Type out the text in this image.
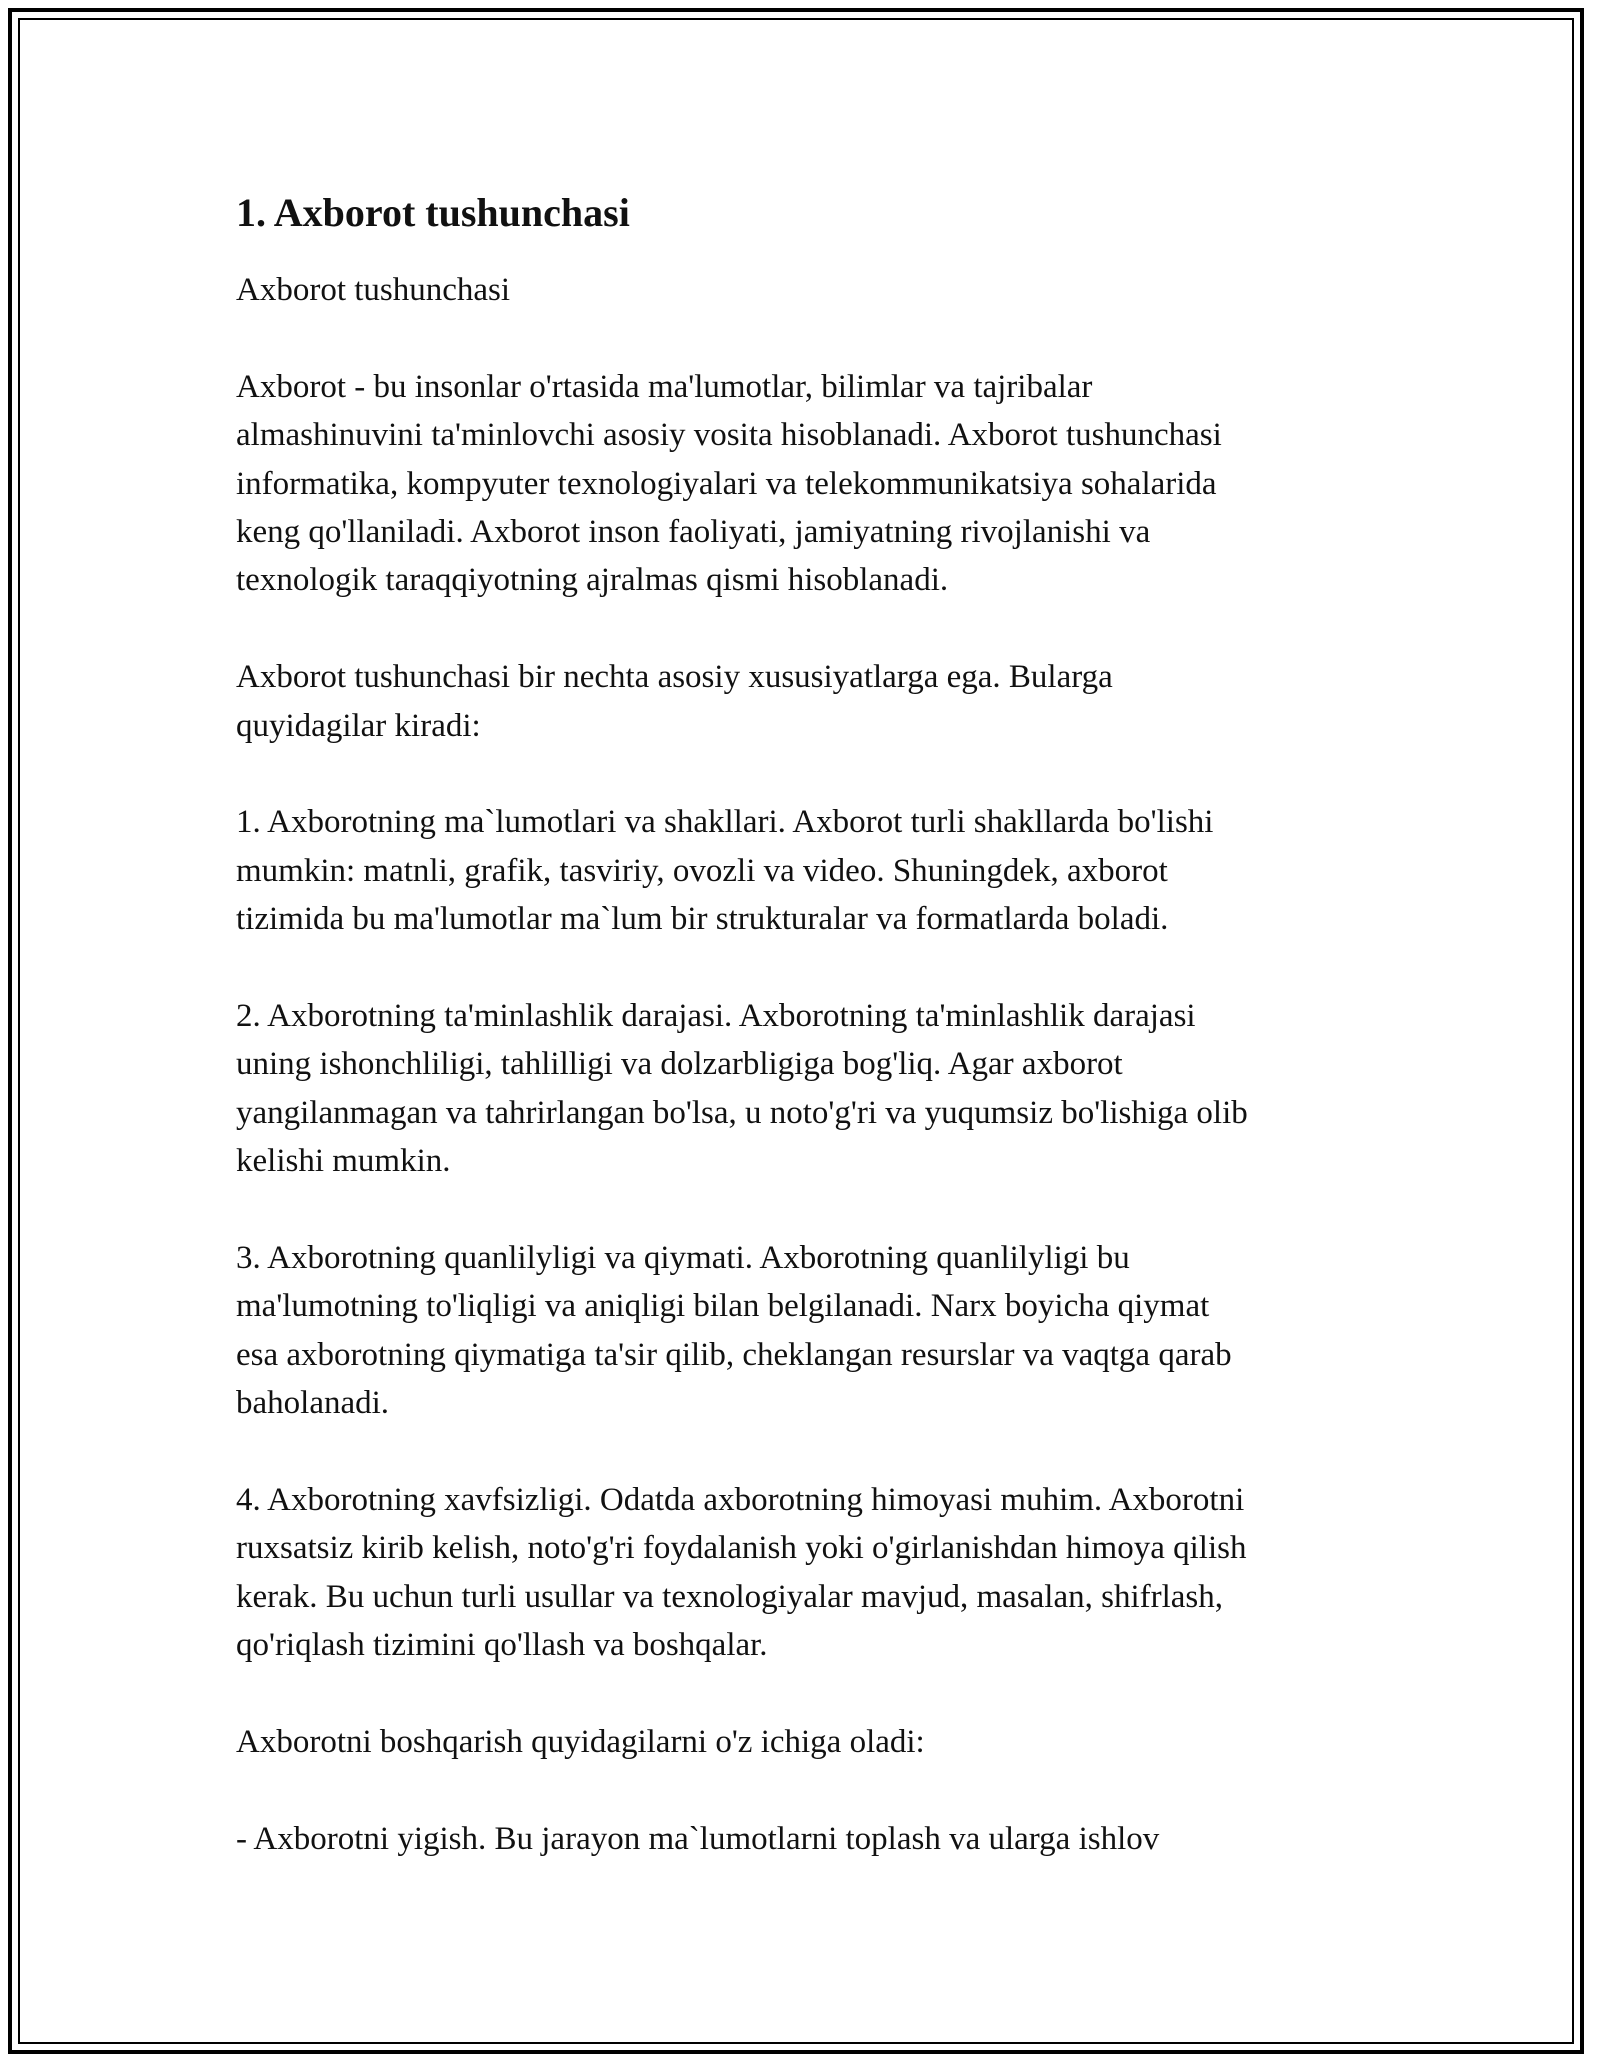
1. Axborot tushunchasi

Axborot tushunchasi

Axborot - bu insonlar o'rtasida ma'lumotlar, bilimlar va tajribalar

almashinuvini ta'minlovchi asosiy vosita hisoblanadi. Axborot tushunchasi

informatika, kompyuter texnologiyalari va telekommunikatsiya sohalarida

keng qo'llaniladi. Axborot inson faoliyati, jamiyatning rivojlanishi va

texnologik taraqqiyotning ajralmas qismi hisoblanadi.

Axborot tushunchasi bir nechta asosiy xususiyatlarga ega. Bularga

quyidagilar kiradi:

1. Axborotning ma`lumotlari va shakllari. Axborot turli shakllarda bo'lishi

mumkin: matnli, grafik, tasviriy, ovozli va video. Shuningdek, axborot

tizimida bu ma'lumotlar ma`lum bir strukturalar va formatlarda boladi.

2. Axborotning ta'minlashlik darajasi. Axborotning ta'minlashlik darajasi

uning ishonchliligi, tahlilligi va dolzarbligiga bog'liq. Agar axborot

yangilanmagan va tahrirlangan bo'lsa, u noto'g'ri va yuqumsiz bo'lishiga olib

kelishi mumkin.

3. Axborotning quanlilyligi va qiymati. Axborotning quanlilyligi bu

ma'lumotning to'liqligi va aniqligi bilan belgilanadi. Narx boyicha qiymat

esa axborotning qiymatiga ta'sir qilib, cheklangan resurslar va vaqtga qarab

baholanadi.

4. Axborotning xavfsizligi. Odatda axborotning himoyasi muhim. Axborotni

ruxsatsiz kirib kelish, noto'g'ri foydalanish yoki o'girlanishdan himoya qilish

kerak. Bu uchun turli usullar va texnologiyalar mavjud, masalan, shifrlash,

qo'riqlash tizimini qo'llash va boshqalar.

Axborotni boshqarish quyidagilarni o'z ichiga oladi:

- Axborotni yigish. Bu jarayon ma`lumotlarni toplash va ularga ishlov
